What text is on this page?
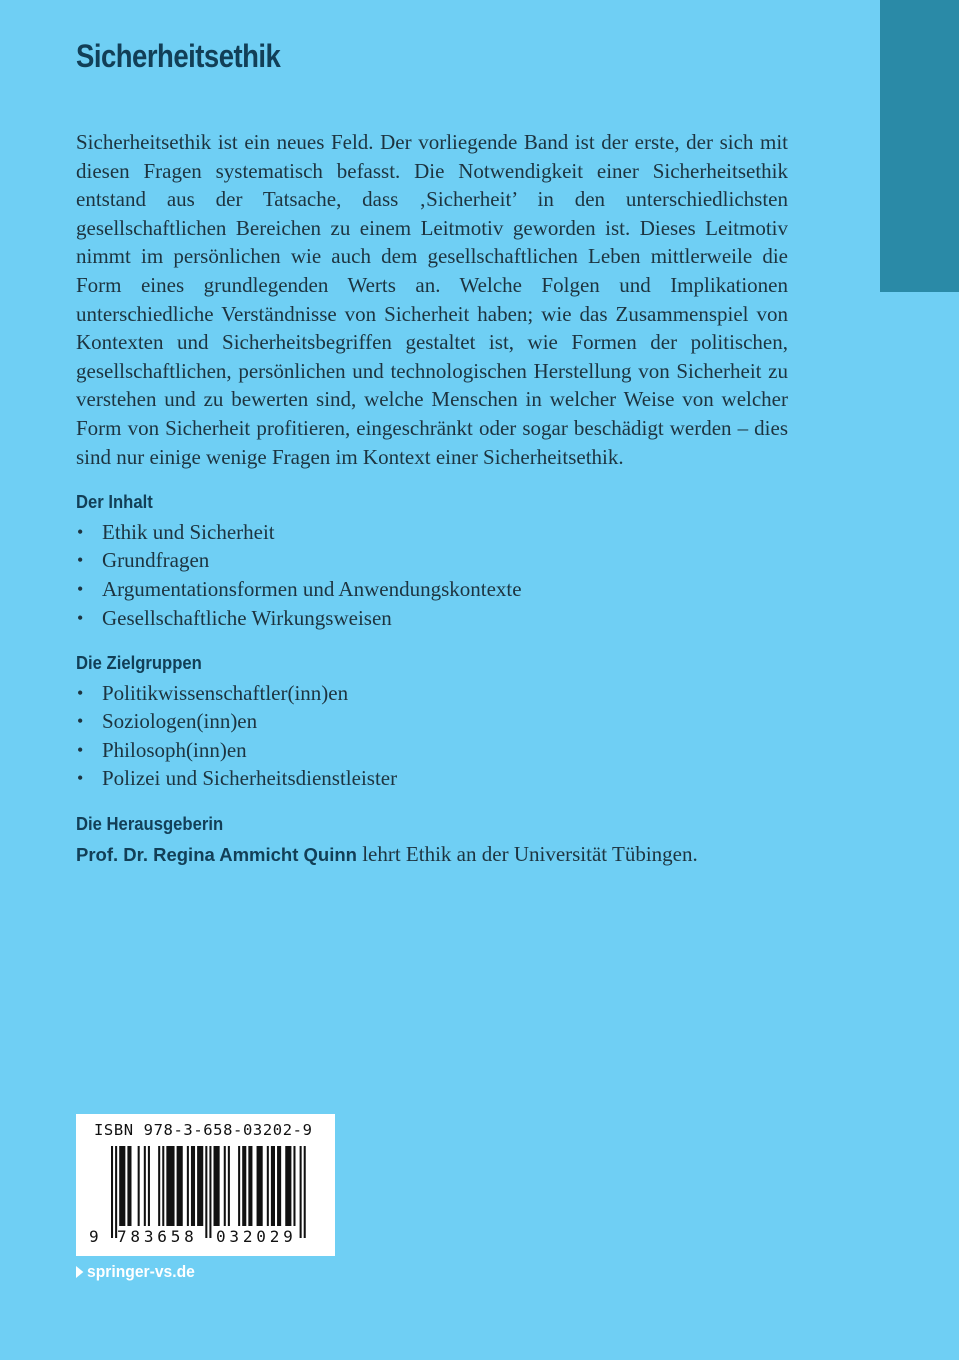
Sicherheitsethik

Sicherheitsethik ist ein neues Feld. Der vorliegende Band ist der erste, der sich mit diesen Fragen systematisch befasst. Die Notwendigkeit einer Sicherheitsethik entstand aus der Tatsache, dass ‚Sicherheit’ in den unterschiedlichsten gesellschaftlichen Bereichen zu einem Leitmotiv geworden ist. Dieses Leitmotiv nimmt im persönlichen wie auch dem gesellschaftlichen Leben mittlerweile die Form eines grundlegenden Werts an. Welche Folgen und Implikationen unterschiedliche Verständnisse von Sicherheit haben; wie das Zusammenspiel von Kontexten und Sicherheitsbegriffen gestaltet ist, wie Formen der politischen, gesellschaftlichen, persönlichen und technologischen Herstellung von Sicherheit zu verstehen und zu bewerten sind, welche Menschen in welcher Weise von welcher Form von Sicherheit profitieren, eingeschränkt oder sogar beschädigt werden – dies sind nur einige wenige Fragen im Kontext einer Sicherheitsethik.

Der Inhalt
• Ethik und Sicherheit
• Grundfragen
• Argumentationsformen und Anwendungskontexte
• Gesellschaftliche Wirkungsweisen
Die Zielgruppen
• Politikwissenschaftler(inn)en
• Soziologen(inn)en
• Philosoph(inn)en
• Polizei und Sicherheitsdienstleister
Die Herausgeberin

Prof. Dr. Regina Ammicht Quinn lehrt Ethik an der Universität Tübingen.

ISBN 978-3-658-03202-9
9 783658 032029
springer-vs.de
